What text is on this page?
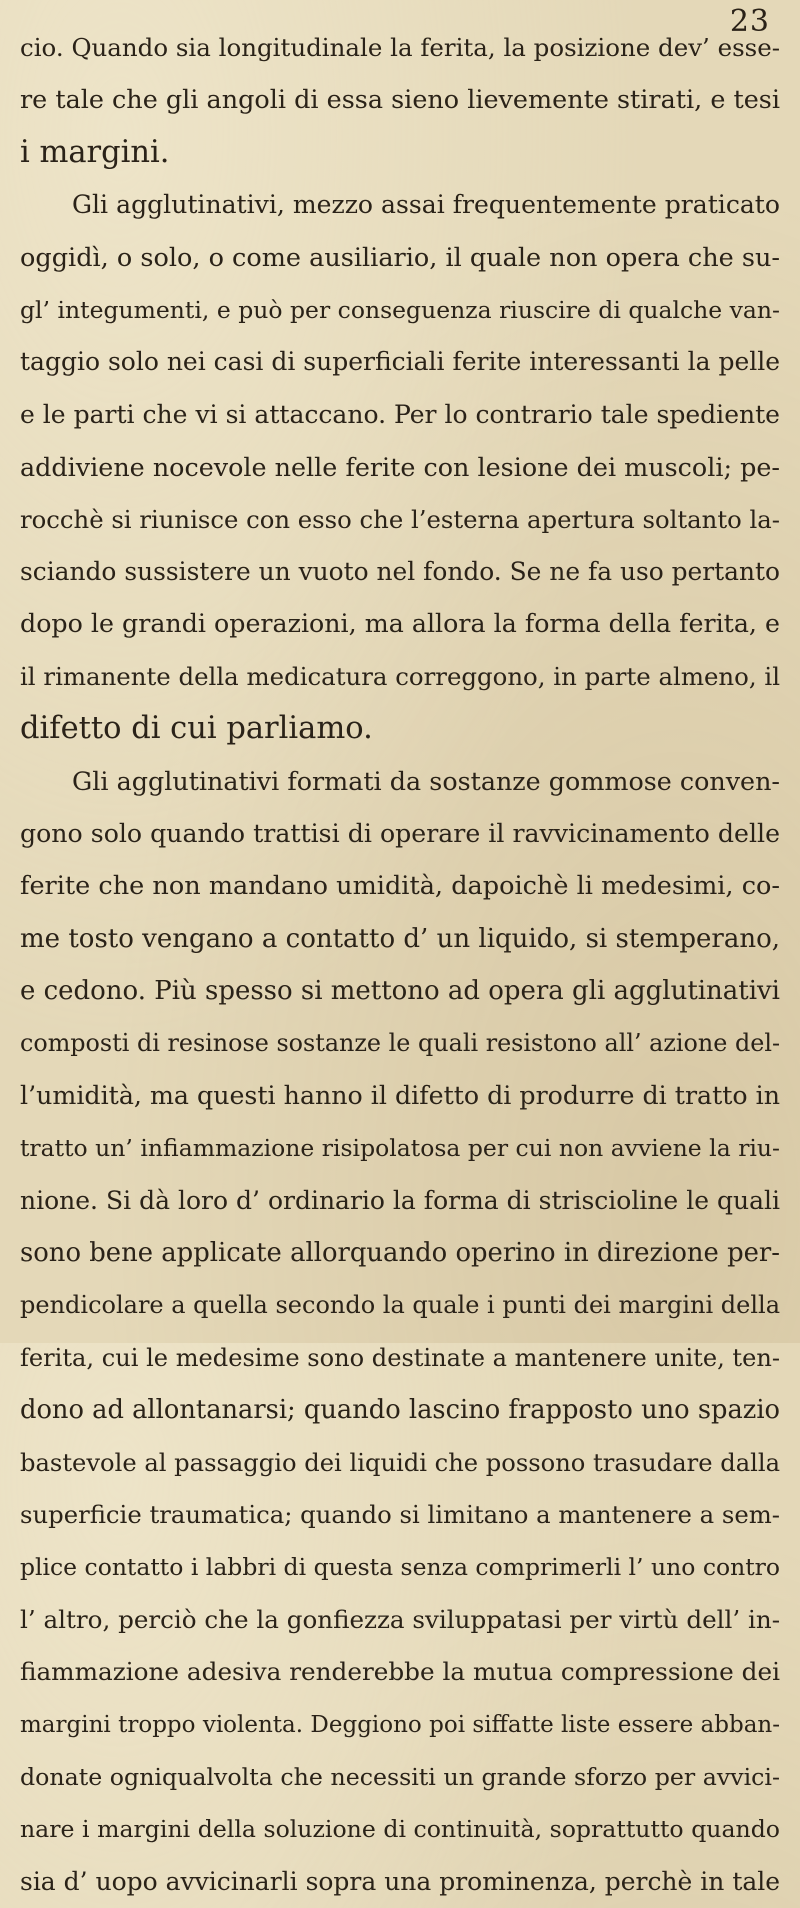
23
cio. Quando sia longitudinale la ferita, la posizione dev’ esse-
re tale che gli angoli di essa sieno lievemente stirati, e tesi
i margini.
Gli agglutinativi, mezzo assai frequentemente praticato
oggidì, o solo, o come ausiliario, il quale non opera che su-
gl’ integumenti, e può per conseguenza riuscire di qualche van-
taggio solo nei casi di superficiali ferite interessanti la pelle
e le parti che vi si attaccano. Per lo contrario tale spediente
addiviene nocevole nelle ferite con lesione dei muscoli; pe-
rocchè si riunisce con esso che l’esterna apertura soltanto la-
sciando sussistere un vuoto nel fondo. Se ne fa uso pertanto
dopo le grandi operazioni, ma allora la forma della ferita, e
il rimanente della medicatura correggono, in parte almeno, il
difetto di cui parliamo.
Gli agglutinativi formati da sostanze gommose conven-
gono solo quando trattisi di operare il ravvicinamento delle
ferite che non mandano umidità, dapoichè li medesimi, co-
me tosto vengano a contatto d’ un liquido, si stemperano,
e cedono. Più spesso si mettono ad opera gli agglutinativi
composti di resinose sostanze le quali resistono all’ azione del-
l’umidità, ma questi hanno il difetto di produrre di tratto in
tratto un’ infiammazione risipolatosa per cui non avviene la riu-
nione. Si dà loro d’ ordinario la forma di striscioline le quali
sono bene applicate allorquando operino in direzione per-
pendicolare a quella secondo la quale i punti dei margini della
ferita, cui le medesime sono destinate a mantenere unite, ten-
dono ad allontanarsi; quando lascino frapposto uno spazio
bastevole al passaggio dei liquidi che possono trasudare dalla
superficie traumatica; quando si limitano a mantenere a sem-
plice contatto i labbri di questa senza comprimerli l’ uno contro
l’ altro, perciò che la gonfiezza sviluppatasi per virtù dell’ in-
fiammazione adesiva renderebbe la mutua compressione dei
margini troppo violenta. Deggiono poi siffatte liste essere abban-
donate ogniqualvolta che necessiti un grande sforzo per avvici-
nare i margini della soluzione di continuità, soprattutto quando
sia d’ uopo avvicinarli sopra una prominenza, perchè in tale
